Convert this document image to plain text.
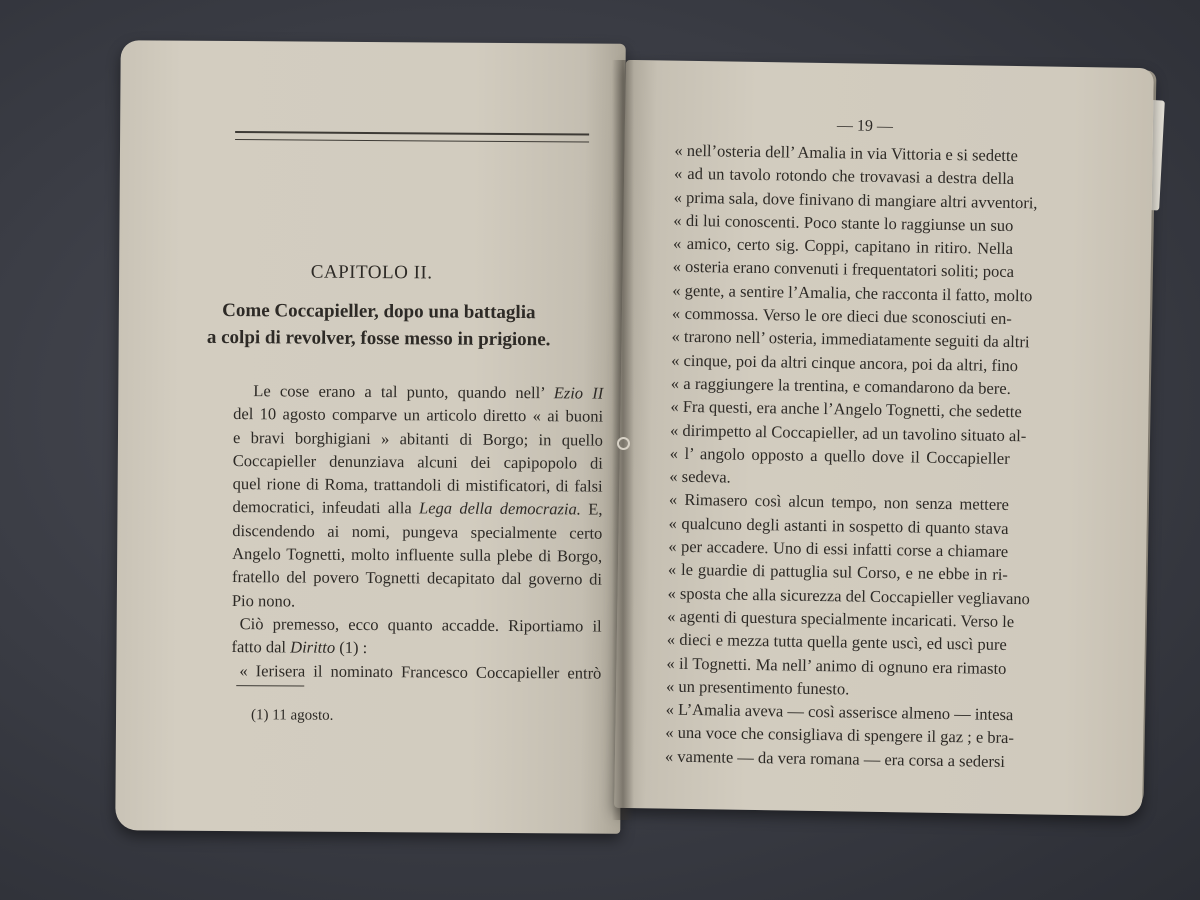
CAPITOLO II.
Come Coccapieller, dopo una battaglia
a colpi di revolver, fosse messo in prigione.
Le cose erano a tal punto, quando nell’ Ezio II
del 10 agosto comparve un articolo diretto « ai buoni
e bravi borghigiani » abitanti di Borgo; in quello
Coccapieller denunziava alcuni dei capipopolo di
quel rione di Roma, trattandoli di mistificatori, di falsi
democratici, infeudati alla Lega della democrazia. E,
discendendo ai nomi, pungeva specialmente certo
Angelo Tognetti, molto influente sulla plebe di Borgo,
fratello del povero Tognetti decapitato dal governo di
Pio nono.
Ciò premesso, ecco quanto accadde. Riportiamo il
fatto dal Diritto (1) :
« Ierisera il nominato Francesco Coccapieller entrò
(1) 11 agosto.
— 19 —
« nell’osteria dell’ Amalia in via Vittoria e si sedette
« ad un tavolo rotondo che trovavasi a destra della
« prima sala, dove finivano di mangiare altri avventori,
« di lui conoscenti. Poco stante lo raggiunse un suo
« amico, certo sig. Coppi, capitano in ritiro. Nella
« osteria erano convenuti i frequentatori soliti; poca
« gente, a sentire l’Amalia, che racconta il fatto, molto
« commossa. Verso le ore dieci due sconosciuti en-
« trarono nell’ osteria, immediatamente seguiti da altri
« cinque, poi da altri cinque ancora, poi da altri, fino
« a raggiungere la trentina, e comandarono da bere.
« Fra questi, era anche l’Angelo Tognetti, che sedette
« dirimpetto al Coccapieller, ad un tavolino situato al-
« l’ angolo opposto a quello dove il Coccapieller
« sedeva.
« Rimasero così alcun tempo, non senza mettere
« qualcuno degli astanti in sospetto di quanto stava
« per accadere. Uno di essi infatti corse a chiamare
« le guardie di pattuglia sul Corso, e ne ebbe in ri-
« sposta che alla sicurezza del Coccapieller vegliavano
« agenti di questura specialmente incaricati. Verso le
« dieci e mezza tutta quella gente uscì, ed uscì pure
« il Tognetti. Ma nell’ animo di ognuno era rimasto
« un presentimento funesto.
« L’Amalia aveva — così asserisce almeno — intesa
« una voce che consigliava di spengere il gaz ; e bra-
« vamente — da vera romana — era corsa a sedersi
